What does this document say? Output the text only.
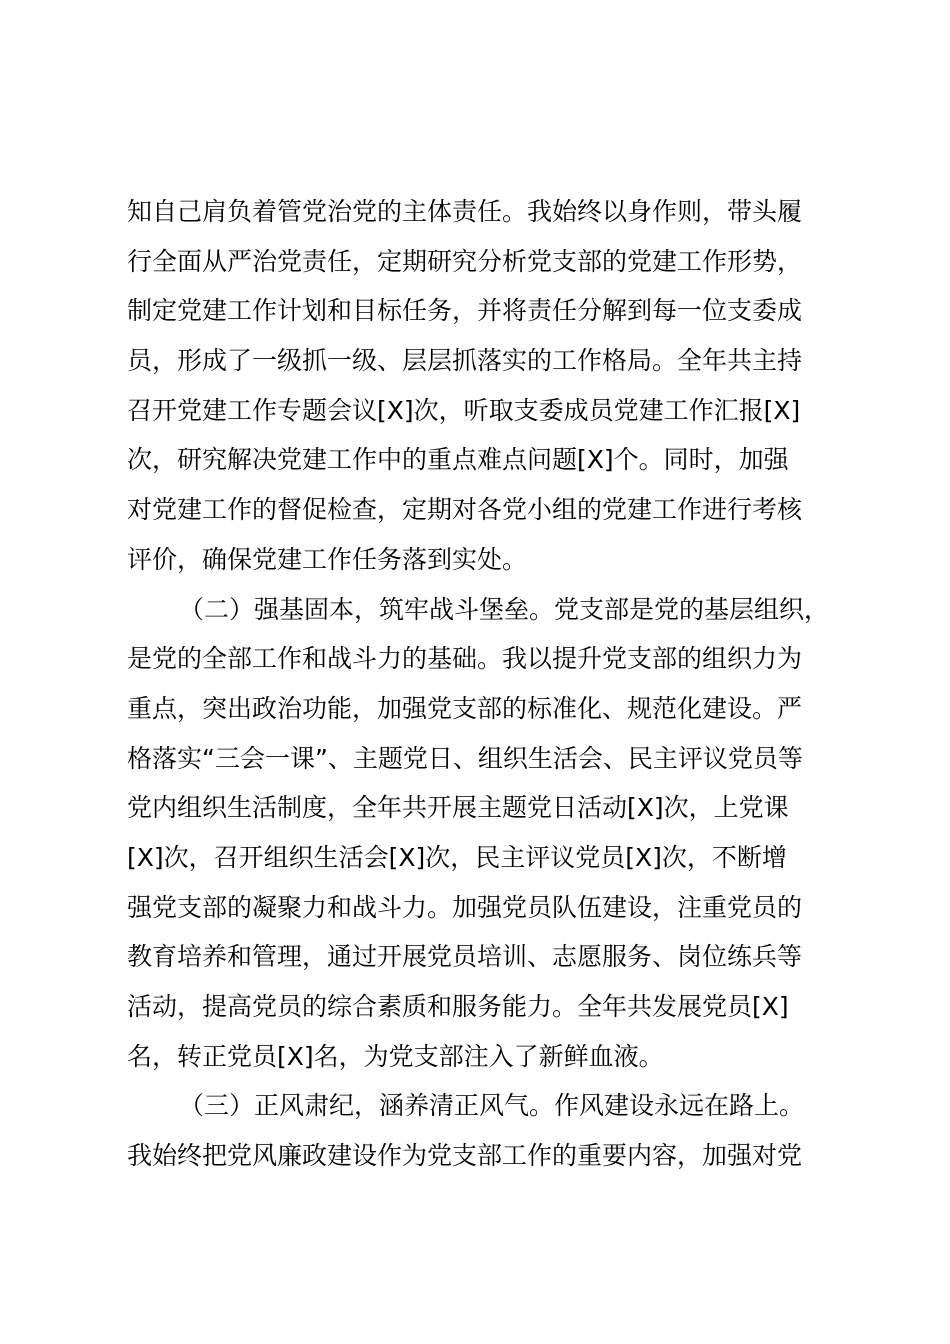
知自己肩负着管党治党的主体责任。我始终以身作则，带头履
行全面从严治党责任，定期研究分析党支部的党建工作形势，
制定党建工作计划和目标任务，并将责任分解到每一位支委成
员，形成了一级抓一级、层层抓落实的工作格局。全年共主持
召开党建工作专题会议[X]次，听取支委成员党建工作汇报[X]
次，研究解决党建工作中的重点难点问题[X]个。同时，加强
对党建工作的督促检查，定期对各党小组的党建工作进行考核
评价，确保党建工作任务落到实处。
（二）强基固本，筑牢战斗堡垒。党支部是党的基层组织，
是党的全部工作和战斗力的基础。我以提升党支部的组织力为
重点，突出政治功能，加强党支部的标准化、规范化建设。严
格落实“三会一课”、主题党日、组织生活会、民主评议党员等
党内组织生活制度，全年共开展主题党日活动[X]次，上党课
[X]次，召开组织生活会[X]次，民主评议党员[X]次，不断增
强党支部的凝聚力和战斗力。加强党员队伍建设，注重党员的
教育培养和管理，通过开展党员培训、志愿服务、岗位练兵等
活动，提高党员的综合素质和服务能力。全年共发展党员[X]
名，转正党员[X]名，为党支部注入了新鲜血液。
（三）正风肃纪，涵养清正风气。作风建设永远在路上。
我始终把党风廉政建设作为党支部工作的重要内容，加强对党
